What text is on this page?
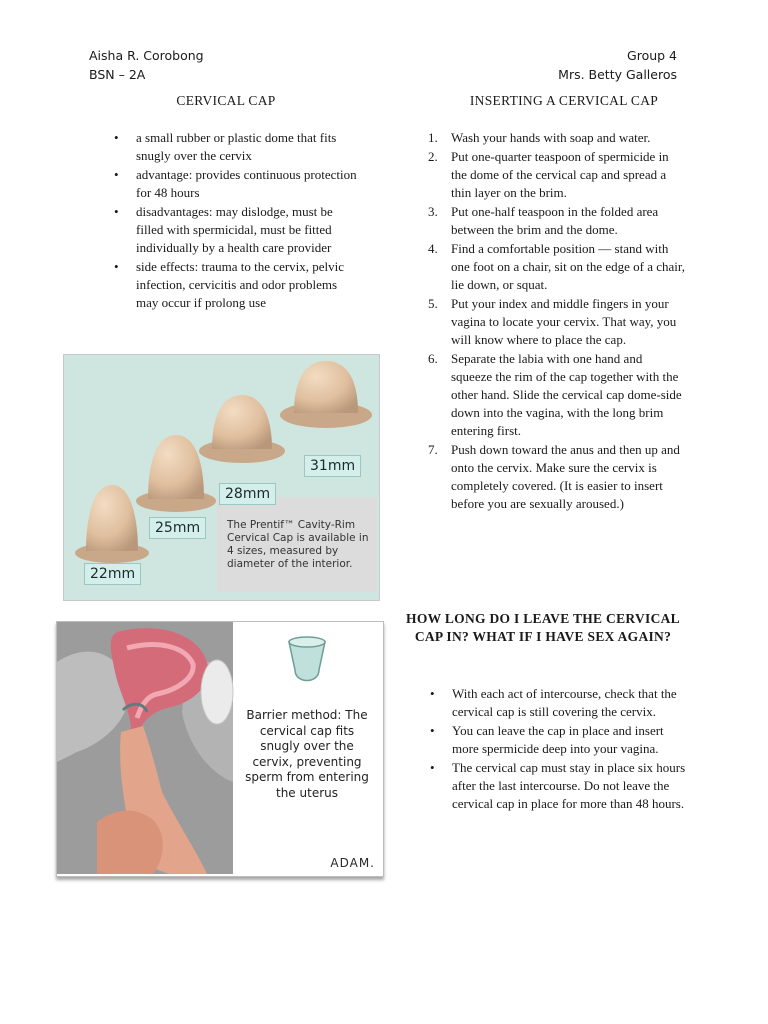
Aisha R. Corobong
BSN – 2A
Group 4
Mrs. Betty Galleros
CERVICAL CAP
• a small rubber or plastic dome that fits snugly over the cervix
• advantage: provides continuous protection for 48 hours
• disadvantages: may dislodge, must be filled with spermicidal, must be fitted individually by a health care provider
• side effects: trauma to the cervix, pelvic infection, cervicitis and odor problems may occur if prolong use
The Prentif™ Cavity-Rim Cervical Cap is available in 4 sizes, measured by diameter of the interior.
22mm
25mm
28mm
31mm
Barrier method: The cervical cap fits snugly over the cervix, preventing sperm from entering the uterus
ADAM.
INSERTING A CERVICAL CAP
1. Wash your hands with soap and water.
2. Put one-quarter teaspoon of spermicide in the dome of the cervical cap and spread a thin layer on the brim.
3. Put one-half teaspoon in the folded area between the brim and the dome.
4. Find a comfortable position — stand with one foot on a chair, sit on the edge of a chair, lie down, or squat.
5. Put your index and middle fingers in your vagina to locate your cervix. That way, you will know where to place the cap.
6. Separate the labia with one hand and squeeze the rim of the cap together with the other hand. Slide the cervical cap dome-side down into the vagina, with the long brim entering first.
7. Push down toward the anus and then up and onto the cervix. Make sure the cervix is completely covered. (It is easier to insert before you are sexually aroused.)
HOW LONG DO I LEAVE THE CERVICAL CAP IN? WHAT IF I HAVE SEX AGAIN?
• With each act of intercourse, check that the cervical cap is still covering the cervix.
• You can leave the cap in place and insert more spermicide deep into your vagina.
• The cervical cap must stay in place six hours after the last intercourse. Do not leave the cervical cap in place for more than 48 hours.
